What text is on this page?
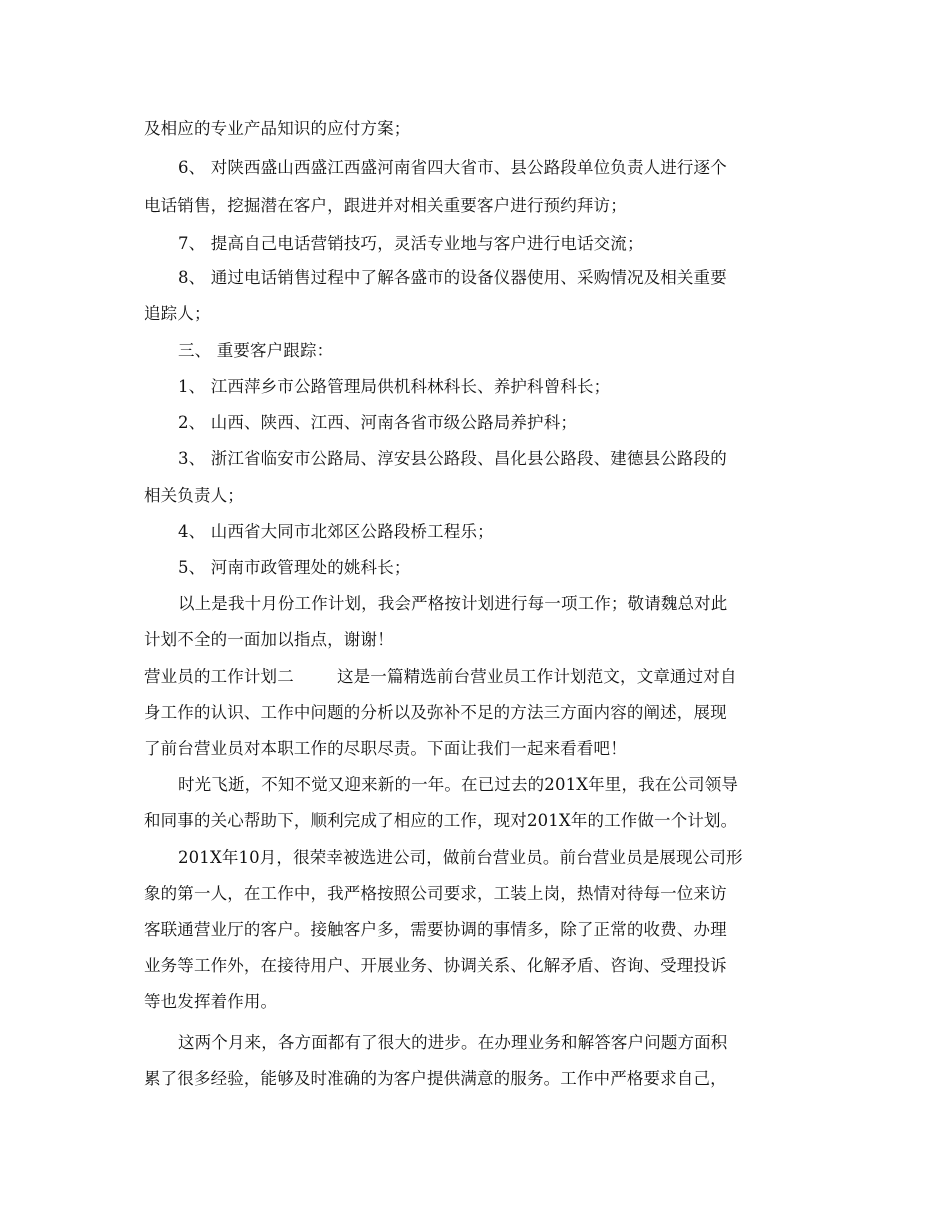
及相应的专业产品知识的应付方案；
6、 对陕西盛山西盛江西盛河南省四大省市、县公路段单位负责人进行逐个
电话销售，挖掘潜在客户，跟进并对相关重要客户进行预约拜访；
7、 提高自己电话营销技巧，灵活专业地与客户进行电话交流；
8、 通过电话销售过程中了解各盛市的设备仪器使用、采购情况及相关重要
追踪人；
三、 重要客户跟踪：
1、 江西萍乡市公路管理局供机科林科长、养护科曾科长；
2、 山西、陕西、江西、河南各省市级公路局养护科；
3、 浙江省临安市公路局、淳安县公路段、昌化县公路段、建德县公路段的
相关负责人；
4、 山西省大同市北郊区公路段桥工程乐；
5、 河南市政管理处的姚科长；
以上是我十月份工作计划，我会严格按计划进行每一项工作；敬请魏总对此
计划不全的一面加以指点，谢谢！
营业员的工作计划二        这是一篇精选前台营业员工作计划范文，文章通过对自
身工作的认识、工作中问题的分析以及弥补不足的方法三方面内容的阐述，展现
了前台营业员对本职工作的尽职尽责。下面让我们一起来看看吧！
时光飞逝，不知不觉又迎来新的一年。在已过去的201X年里，我在公司领导
和同事的关心帮助下，顺利完成了相应的工作，现对201X年的工作做一个计划。
201X年10月，很荣幸被选进公司，做前台营业员。前台营业员是展现公司形
象的第一人，在工作中，我严格按照公司要求，工装上岗，热情对待每一位来访
客联通营业厅的客户。接触客户多，需要协调的事情多，除了正常的收费、办理
业务等工作外，在接待用户、开展业务、协调关系、化解矛盾、咨询、受理投诉
等也发挥着作用。
这两个月来，各方面都有了很大的进步。在办理业务和解答客户问题方面积
累了很多经验，能够及时准确的为客户提供满意的服务。工作中严格要求自己，
